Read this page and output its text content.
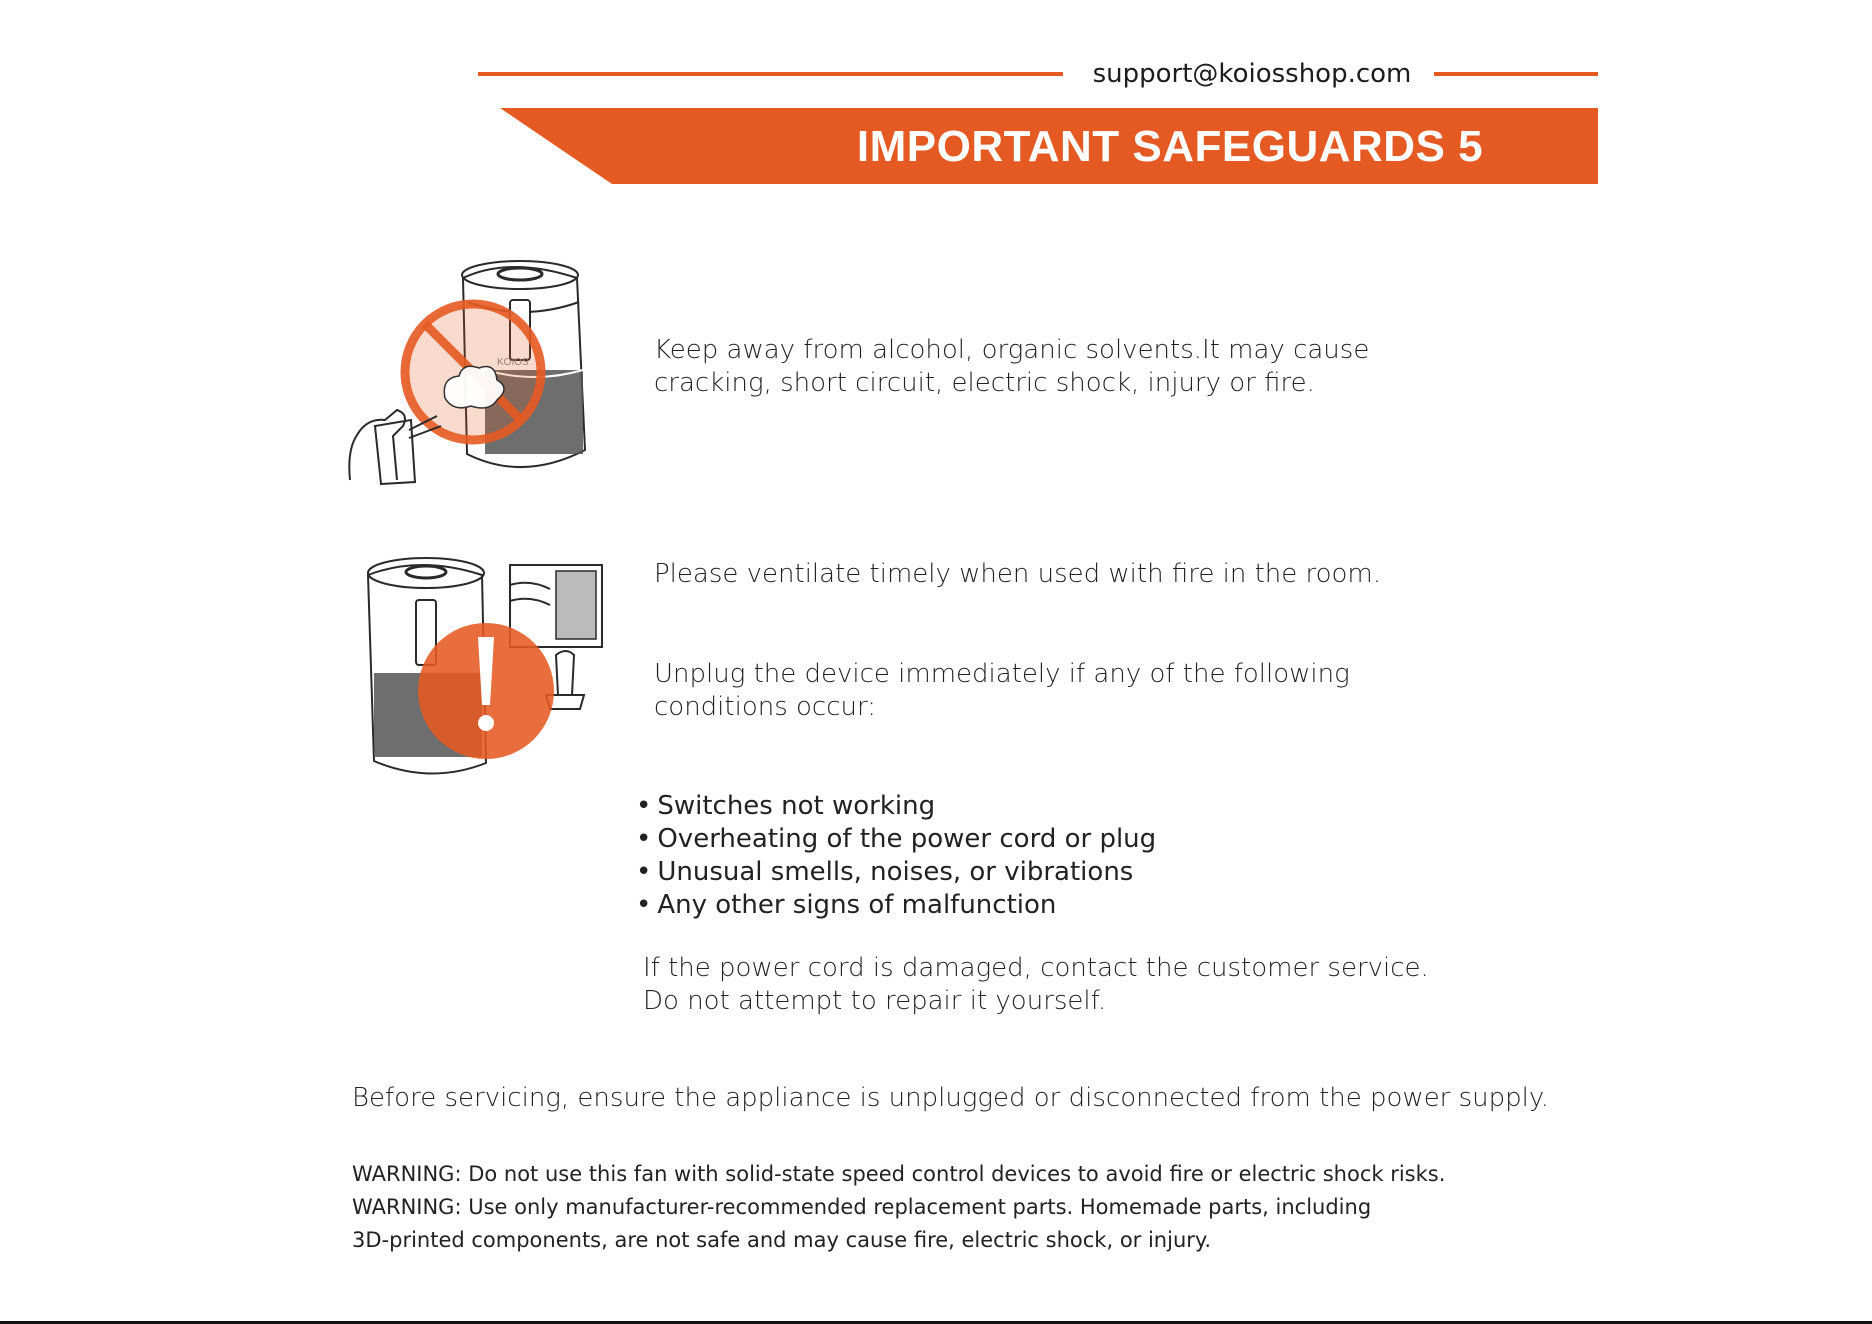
support@koiosshop.com
IMPORTANT SAFEGUARDS 5
KOIOS	Keep away from alcohol, organic solvents.It may cause cracking, short circuit, electric shock, injury or fire.
Please ventilate timely when used with fire in the room.
Unplug the device immediately if any of the following conditions occur:
• Switches not working
• Overheating of the power cord or plug
• Unusual smells, noises, or vibrations
• Any other signs of malfunction
If the power cord is damaged, contact the customer service.
Do not attempt to repair it yourself.
Before servicing, ensure the appliance is unplugged or disconnected from the power supply.
WARNING: Do not use this fan with solid-state speed control devices to avoid fire or electric shock risks.
WARNING: Use only manufacturer-recommended replacement parts. Homemade parts, including
3D-printed components, are not safe and may cause fire, electric shock, or injury.
